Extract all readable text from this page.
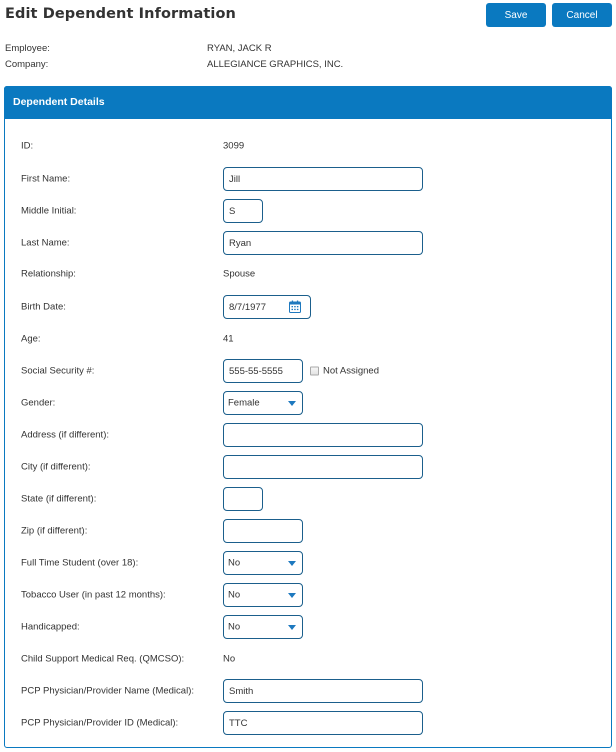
Edit Dependent Information	Save	Cancel
Employee:	RYAN, JACK R
Company:	ALLEGIANCE GRAPHICS, INC.
Dependent Details
ID:	3099
First Name:
Jill
Middle Initial:
S
Last Name:
Ryan
Relationship:	Spouse
Birth Date:
8/7/1977
Age:	41
Social Security #:
555-55-5555	Not Assigned
Gender:	Female
Address (if different):
City (if different):
State (if different):
Zip (if different):
Full Time Student (over 18):	No
Tobacco User (in past 12 months):	No
Handicapped:	No
Child Support Medical Req. (QMCSO):	No
PCP Physician/Provider Name (Medical):
Smith
PCP Physician/Provider ID (Medical):
TTC
